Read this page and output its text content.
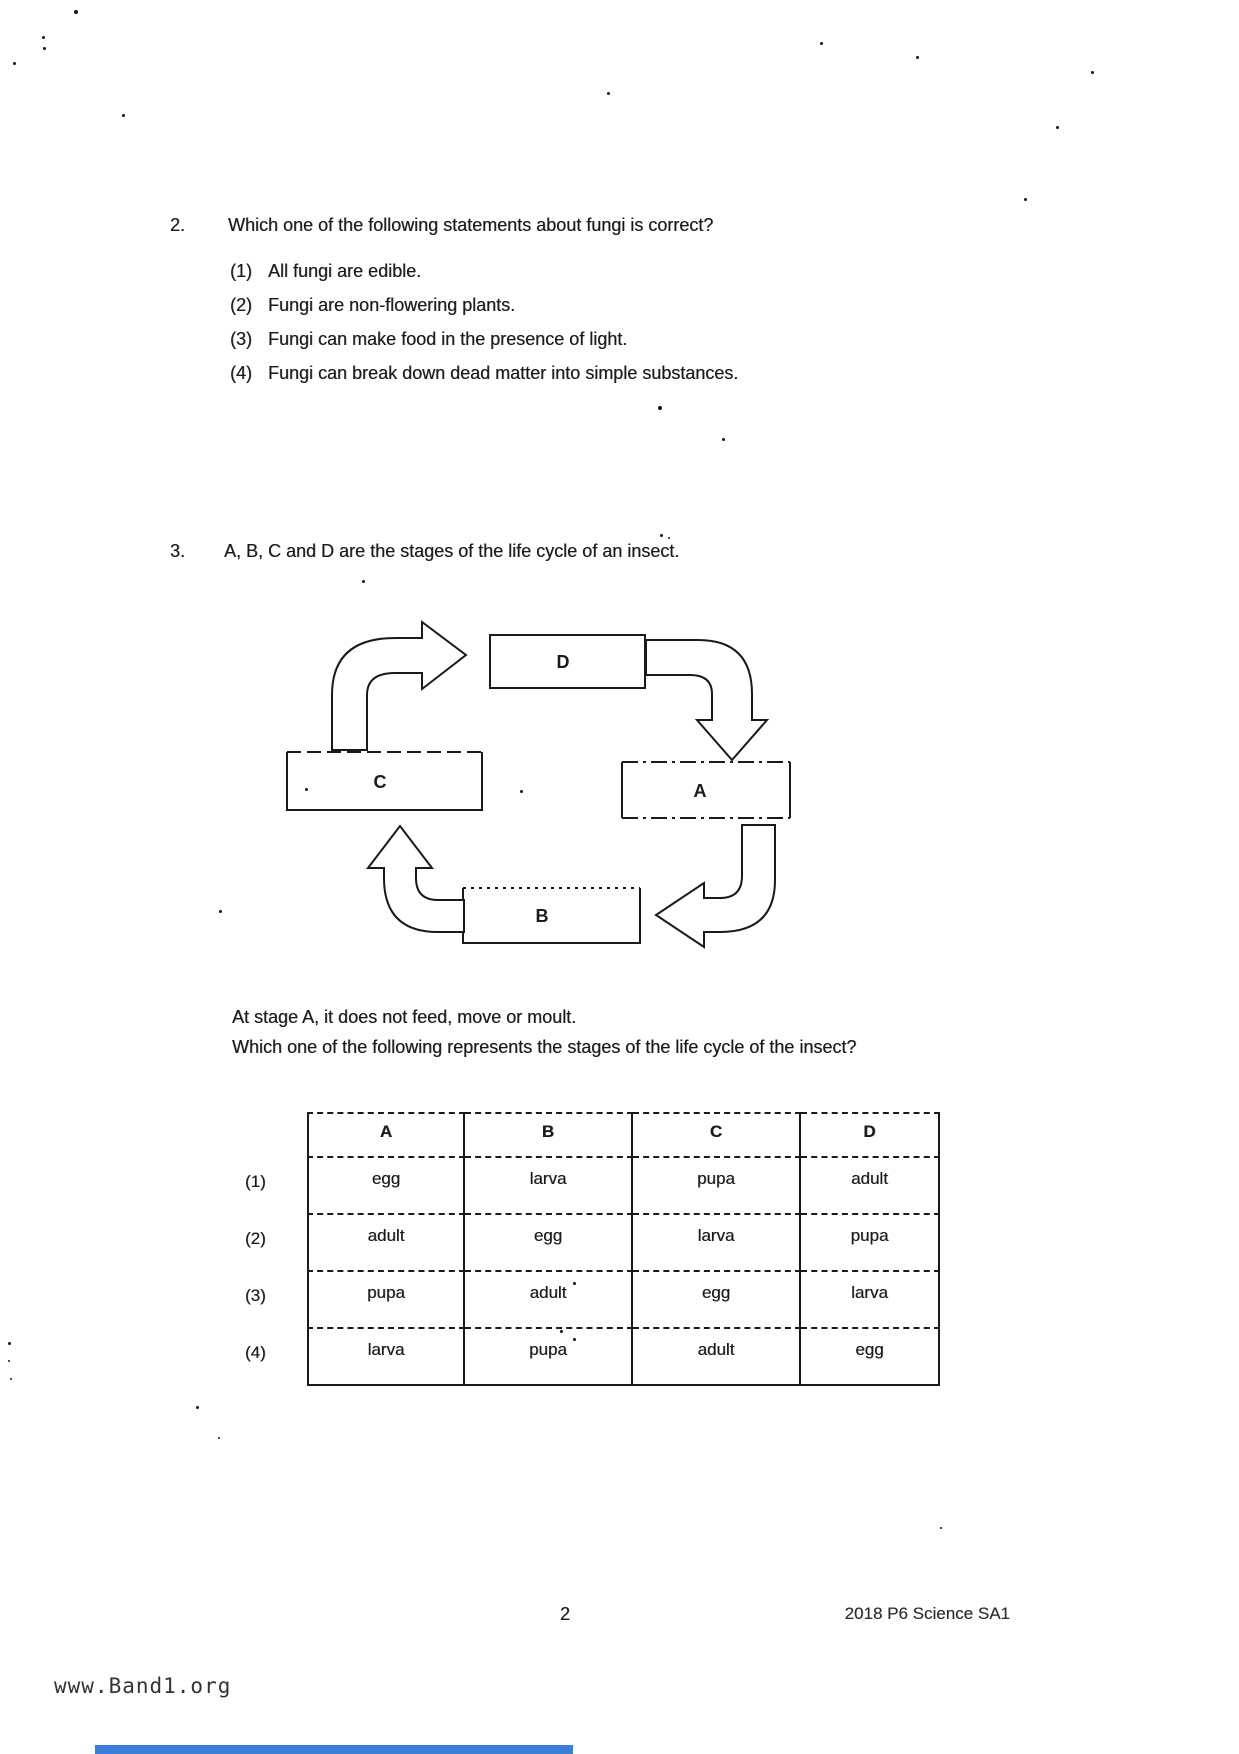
2.	Which one of the following statements about fungi is correct?
(1) All fungi are edible.
(2) Fungi are non-flowering plants.
(3) Fungi can make food in the presence of light.
(4) Fungi can break down dead matter into simple substances.
3.	A, B, C and D are the stages of the life cycle of an insect.
D
A
B
C
At stage A, it does not feed, move or moult.
Which one of the following represents the stages of the life cycle of the insect?
A	B	C	D
(1)	egg	larva	pupa	adult
(2)	adult	egg	larva	pupa
(3)	pupa	adult	egg	larva
(4)	larva	pupa	adult	egg
2	2018 P6 Science SA1
www.Band1.org
